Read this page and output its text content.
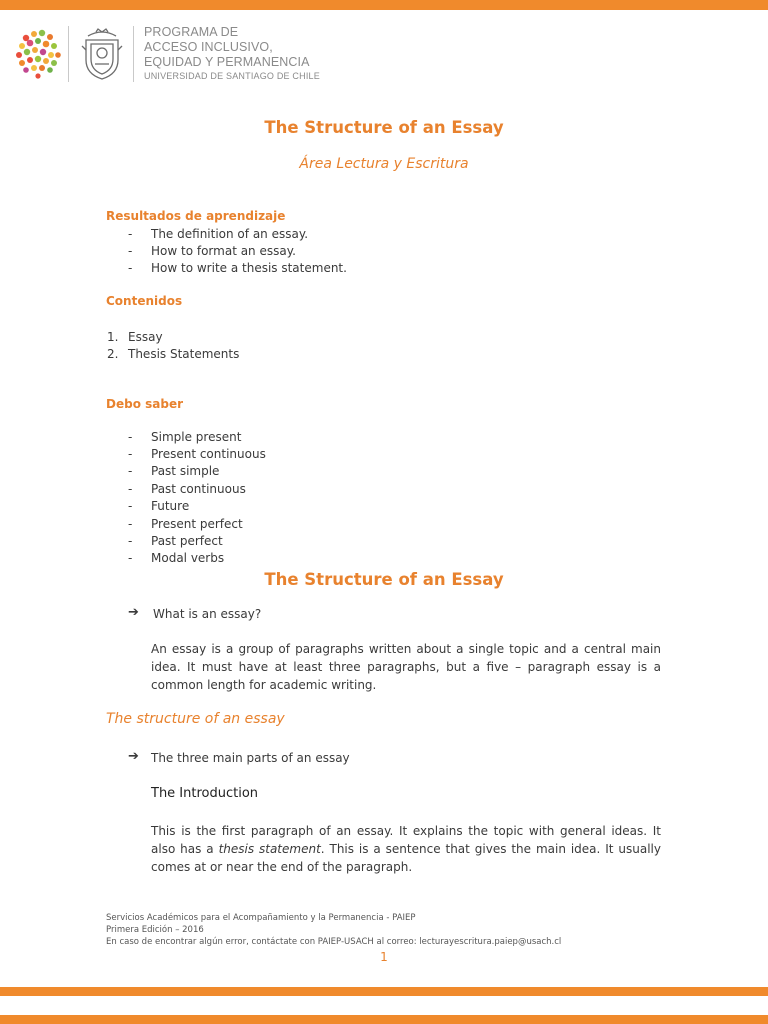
PROGRAMA DE
ACCESO INCLUSIVO,
EQUIDAD Y PERMANENCIA
UNIVERSIDAD DE SANTIAGO DE CHILE
The Structure of an Essay
Área Lectura y Escritura
Resultados de aprendizaje
- The definition of an essay.
- How to format an essay.
- How to write a thesis statement.
Contenidos
1. Essay
2. Thesis Statements
Debo saber
- Simple present
- Present continuous
- Past simple
- Past continuous
- Future
- Present perfect
- Past perfect
- Modal verbs
The Structure of an Essay
➔ What is an essay?
An essay is a group of paragraphs written about a single topic and a central main idea. It must have at least three paragraphs, but a five – paragraph essay is a common length for academic writing.
The structure of an essay
➔ The three main parts of an essay
The Introduction
This is the first paragraph of an essay. It explains the topic with general ideas. It also has a thesis statement. This is a sentence that gives the main idea. It usually comes at or near the end of the paragraph.
Servicios Académicos para el Acompañamiento y la Permanencia - PAIEP
Primera Edición – 2016
En caso de encontrar algún error, contáctate con PAIEP-USACH al correo: lecturayescritura.paiep@usach.cl
1
